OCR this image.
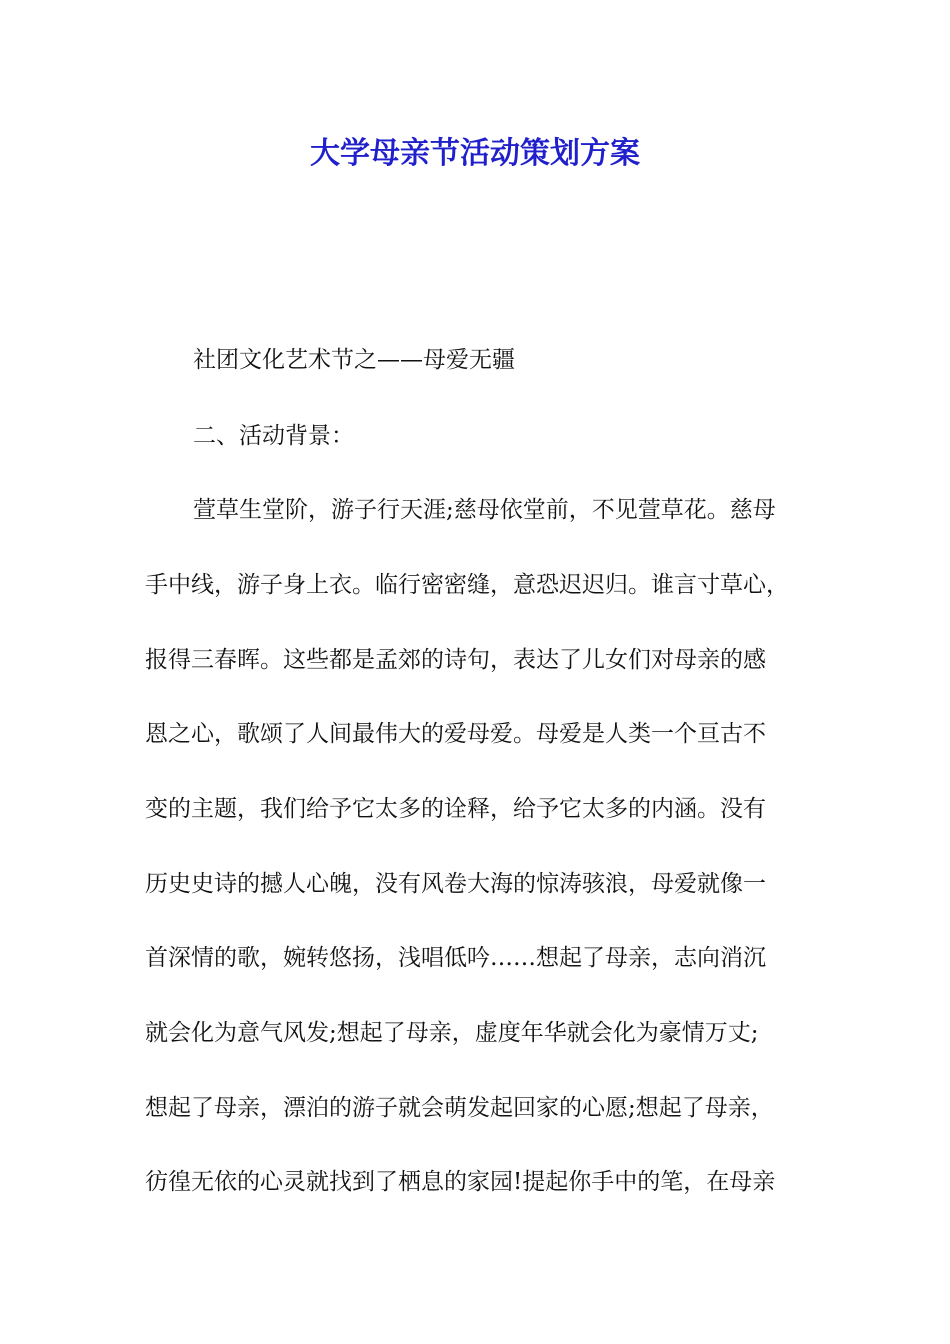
大学母亲节活动策划方案
社团文化艺术节之——母爱无疆
二、活动背景：
萱草生堂阶，游子行天涯;慈母依堂前，不见萱草花。慈母
手中线，游子身上衣。临行密密缝，意恐迟迟归。谁言寸草心，
报得三春晖。这些都是孟郊的诗句，表达了儿女们对母亲的感
恩之心，歌颂了人间最伟大的爱母爱。母爱是人类一个亘古不
变的主题，我们给予它太多的诠释，给予它太多的内涵。没有
历史史诗的撼人心魄，没有风卷大海的惊涛骇浪，母爱就像一
首深情的歌，婉转悠扬，浅唱低吟……想起了母亲，志向消沉
就会化为意气风发;想起了母亲，虚度年华就会化为豪情万丈;
想起了母亲，漂泊的游子就会萌发起回家的心愿;想起了母亲，
彷徨无依的心灵就找到了栖息的家园!提起你手中的笔，在母亲
